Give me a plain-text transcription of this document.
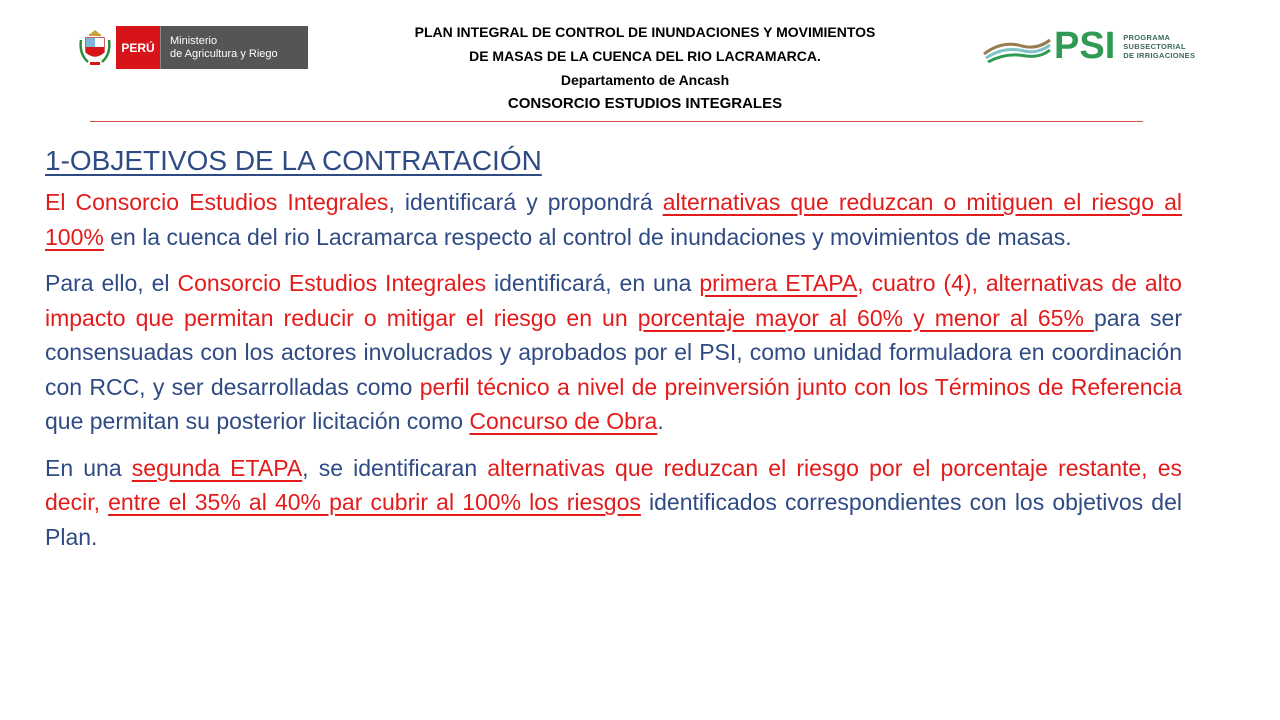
PERÚ	Ministerio
de Agricultura y Riego
PLAN INTEGRAL DE CONTROL DE INUNDACIONES Y MOVIMIENTOS
DE MASAS DE LA CUENCA DEL RIO LACRAMARCA.
Departamento de Ancash
CONSORCIO ESTUDIOS INTEGRALES
PSI PROGRAMA
SUBSECTORIAL
DE IRRIGACIONES
1-OBJETIVOS DE LA CONTRATACIÓN

El Consorcio Estudios Integrales, identificará y propondrá alternativas que reduzcan o mitiguen el riesgo al 100% en la cuenca del rio Lacramarca respecto al control de inundaciones y movimientos de masas.

Para ello, el Consorcio Estudios Integrales identificará, en una primera ETAPA, cuatro (4), alternativas de alto impacto que permitan reducir o mitigar el riesgo en un porcentaje mayor al 60% y menor al 65% para ser consensuadas con los actores involucrados y aprobados por el PSI, como unidad formuladora en coordinación con RCC, y ser desarrolladas como perfil técnico a nivel de preinversión junto con los Términos de Referencia que permitan su posterior licitación como Concurso de Obra.

En una segunda ETAPA, se identificaran alternativas que reduzcan el riesgo por el porcentaje restante, es decir, entre el 35% al 40% par cubrir al 100% los riesgos identificados correspondientes con los objetivos del Plan.
